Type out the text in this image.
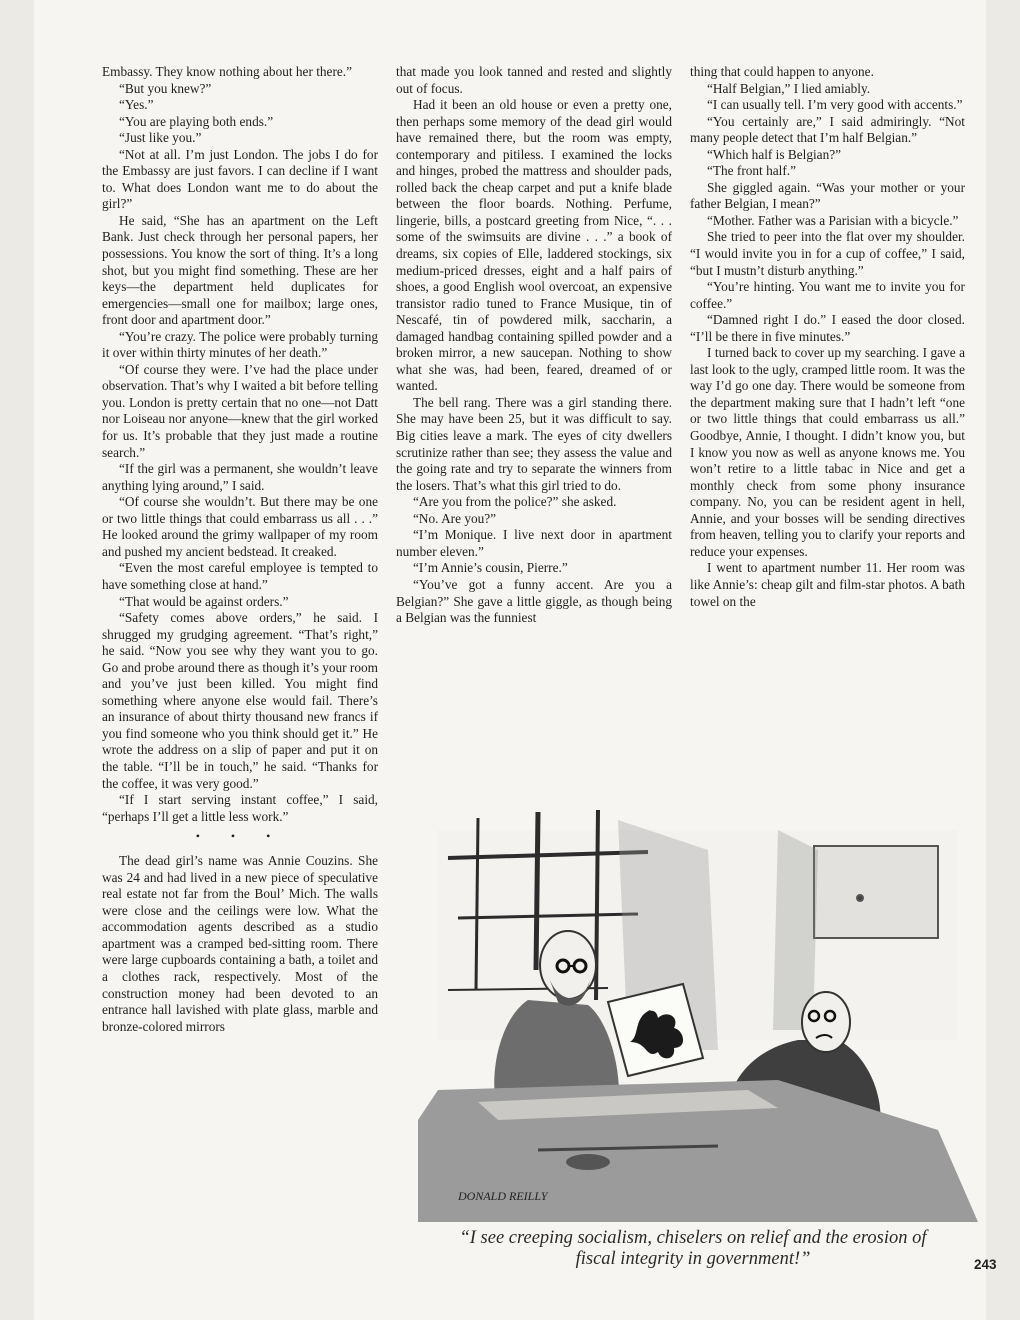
Embassy. They know nothing about her there.”

“But you knew?”

“Yes.”

“You are playing both ends.”

“Just like you.”

“Not at all. I’m just London. The jobs I do for the Embassy are just favors. I can decline if I want to. What does London want me to do about the girl?”

He said, “She has an apartment on the Left Bank. Just check through her personal papers, her possessions. You know the sort of thing. It’s a long shot, but you might find something. These are her keys—the department held duplicates for emergencies—small one for mailbox; large ones, front door and apartment door.”

“You’re crazy. The police were probably turning it over within thirty minutes of her death.”

“Of course they were. I’ve had the place under observation. That’s why I waited a bit before telling you. London is pretty certain that no one—not Datt nor Loiseau nor anyone—knew that the girl worked for us. It’s probable that they just made a routine search.”

“If the girl was a permanent, she wouldn’t leave anything lying around,” I said.

“Of course she wouldn’t. But there may be one or two little things that could embarrass us all . . .” He looked around the grimy wallpaper of my room and pushed my ancient bedstead. It creaked.

“Even the most careful employee is tempted to have something close at hand.”

“That would be against orders.”

“Safety comes above orders,” he said. I shrugged my grudging agreement. “That’s right,” he said. “Now you see why they want you to go. Go and probe around there as though it’s your room and you’ve just been killed. You might find something where anyone else would fail. There’s an insurance of about thirty thousand new francs if you find someone who you think should get it.” He wrote the address on a slip of paper and put it on the table. “I’ll be in touch,” he said. “Thanks for the coffee, it was very good.”

“If I start serving instant coffee,” I said, “perhaps I’ll get a little less work.”

• • •

The dead girl’s name was Annie Couzins. She was 24 and had lived in a new piece of speculative real estate not far from the Boul’ Mich. The walls were close and the ceilings were low. What the accommodation agents described as a studio apartment was a cramped bed-sitting room. There were large cupboards containing a bath, a toilet and a clothes rack, respectively. Most of the construction money had been devoted to an entrance hall lavished with plate glass, marble and bronze-colored mirrors

that made you look tanned and rested and slightly out of focus.

Had it been an old house or even a pretty one, then perhaps some memory of the dead girl would have remained there, but the room was empty, contemporary and pitiless. I examined the locks and hinges, probed the mattress and shoulder pads, rolled back the cheap carpet and put a knife blade between the floor boards. Nothing. Perfume, lingerie, bills, a postcard greeting from Nice, “. . . some of the swimsuits are divine . . .” a book of dreams, six copies of Elle, laddered stockings, six medium-priced dresses, eight and a half pairs of shoes, a good English wool overcoat, an expensive transistor radio tuned to France Musique, tin of Nescafé, tin of powdered milk, saccharin, a damaged handbag containing spilled powder and a broken mirror, a new saucepan. Nothing to show what she was, had been, feared, dreamed of or wanted.

The bell rang. There was a girl standing there. She may have been 25, but it was difficult to say. Big cities leave a mark. The eyes of city dwellers scrutinize rather than see; they assess the value and the going rate and try to separate the winners from the losers. That’s what this girl tried to do.

“Are you from the police?” she asked.

“No. Are you?”

“I’m Monique. I live next door in apartment number eleven.”

“I’m Annie’s cousin, Pierre.”

“You’ve got a funny accent. Are you a Belgian?” She gave a little giggle, as though being a Belgian was the funniest

thing that could happen to anyone.

“Half Belgian,” I lied amiably.

“I can usually tell. I’m very good with accents.”

“You certainly are,” I said admiringly. “Not many people detect that I’m half Belgian.”

“Which half is Belgian?”

“The front half.”

She giggled again. “Was your mother or your father Belgian, I mean?”

“Mother. Father was a Parisian with a bicycle.”

She tried to peer into the flat over my shoulder. “I would invite you in for a cup of coffee,” I said, “but I mustn’t disturb anything.”

“You’re hinting. You want me to invite you for coffee.”

“Damned right I do.” I eased the door closed. “I’ll be there in five minutes.”

I turned back to cover up my searching. I gave a last look to the ugly, cramped little room. It was the way I’d go one day. There would be someone from the department making sure that I hadn’t left “one or two little things that could embarrass us all.” Goodbye, Annie, I thought. I didn’t know you, but I know you now as well as anyone knows me. You won’t retire to a little tabac in Nice and get a monthly check from some phony insurance company. No, you can be resident agent in hell, Annie, and your bosses will be sending directives from heaven, telling you to clarify your reports and reduce your expenses.

I went to apartment number 11. Her room was like Annie’s: cheap gilt and film-star photos. A bath towel on the

DONALD REILLY
“I see creeping socialism, chiselers on relief and the erosion of fiscal integrity in government!”	243
